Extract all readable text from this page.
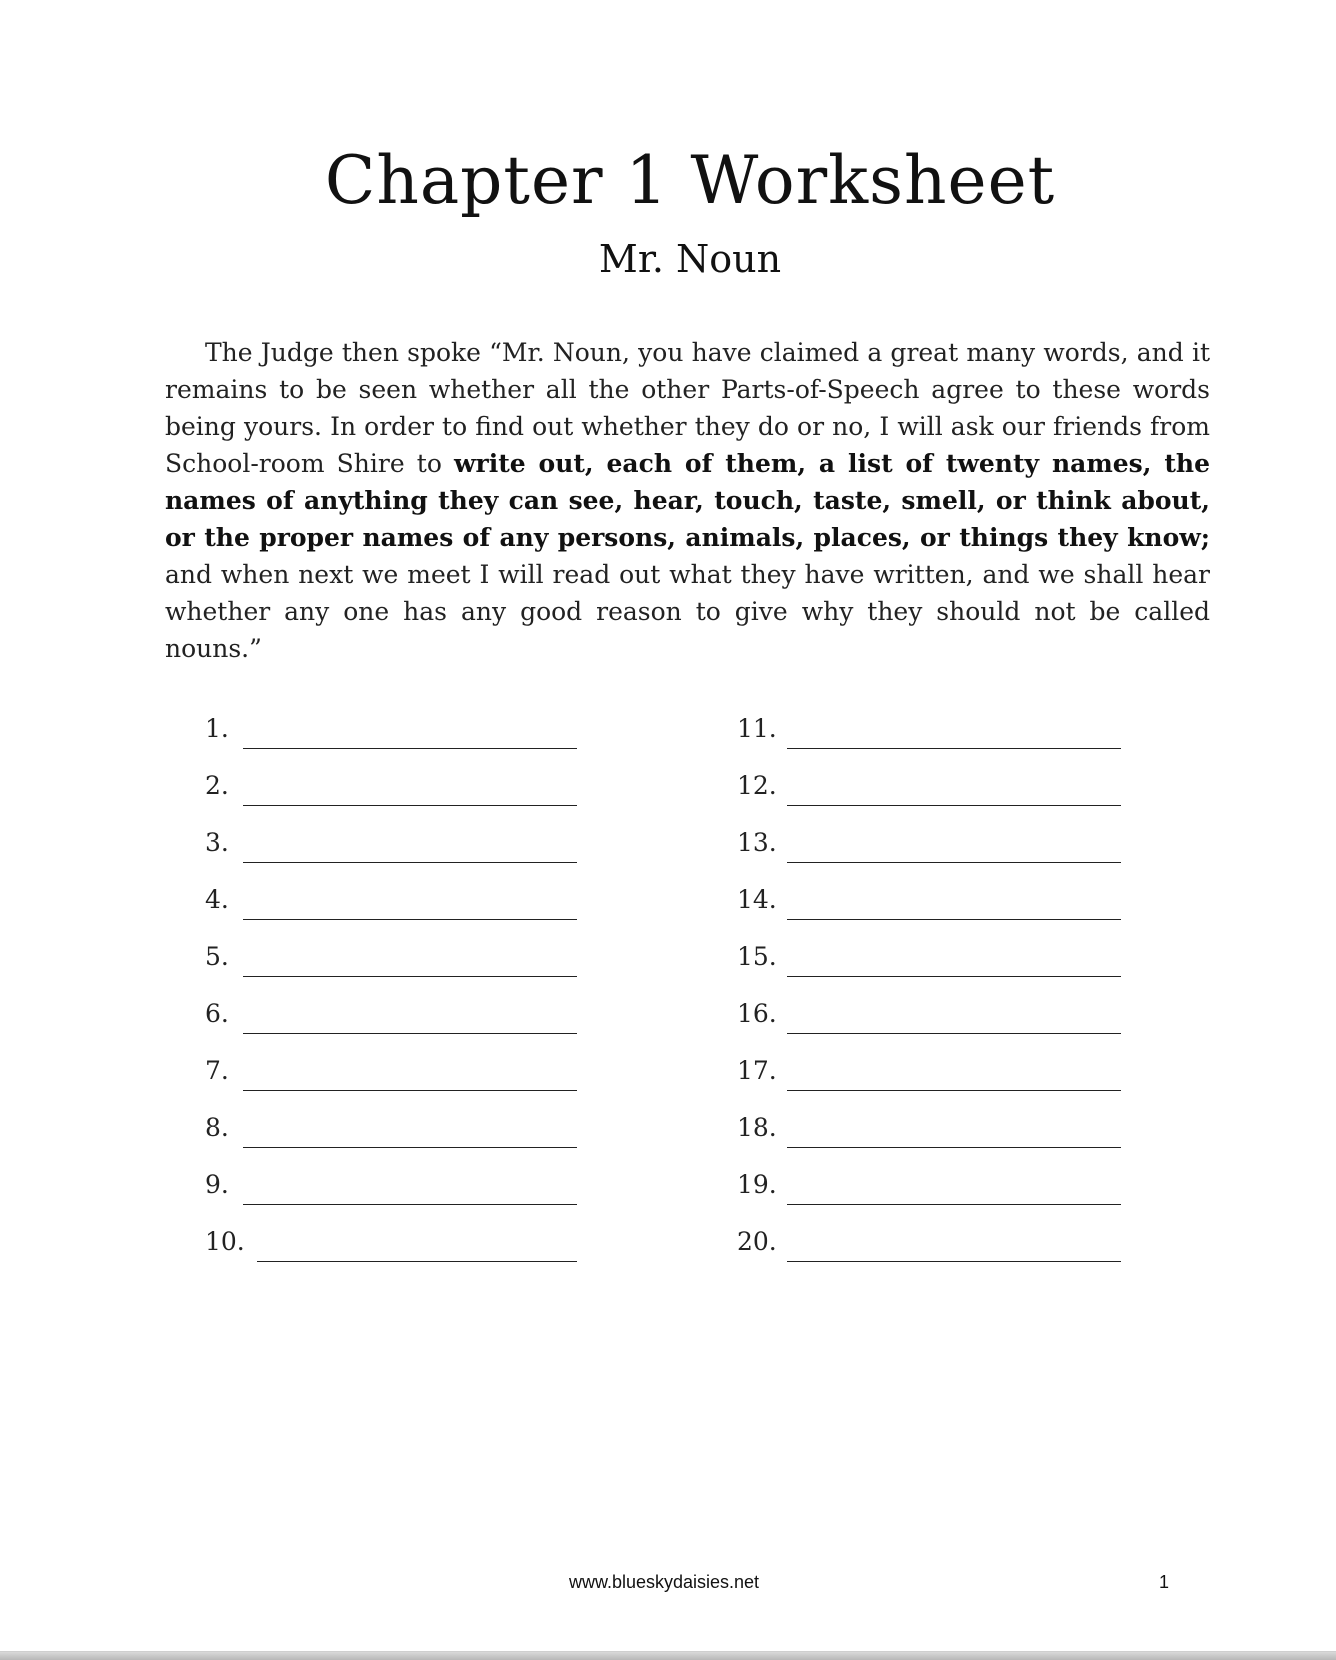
Chapter 1 Worksheet
Mr. Noun

The Judge then spoke “Mr. Noun, you have claimed a great many words, and it remains to be seen whether all the other Parts-of-Speech agree to these words being yours. In order to find out whether they do or no, I will ask our friends from School-room Shire to write out, each of them, a list of twenty names, the names of anything they can see, hear, touch, taste, smell, or think about, or the proper names of any persons, animals, places, or things they know; and when next we meet I will read out what they have written, and we shall hear whether any one has any good reason to give why they should not be called nouns.”

1.
2.
3.
4.
5.
6.
7.
8.
9.
10.
11.
12.
13.
14.
15.
16.
17.
18.
19.
20.
www.blueskydaisies.net	1
